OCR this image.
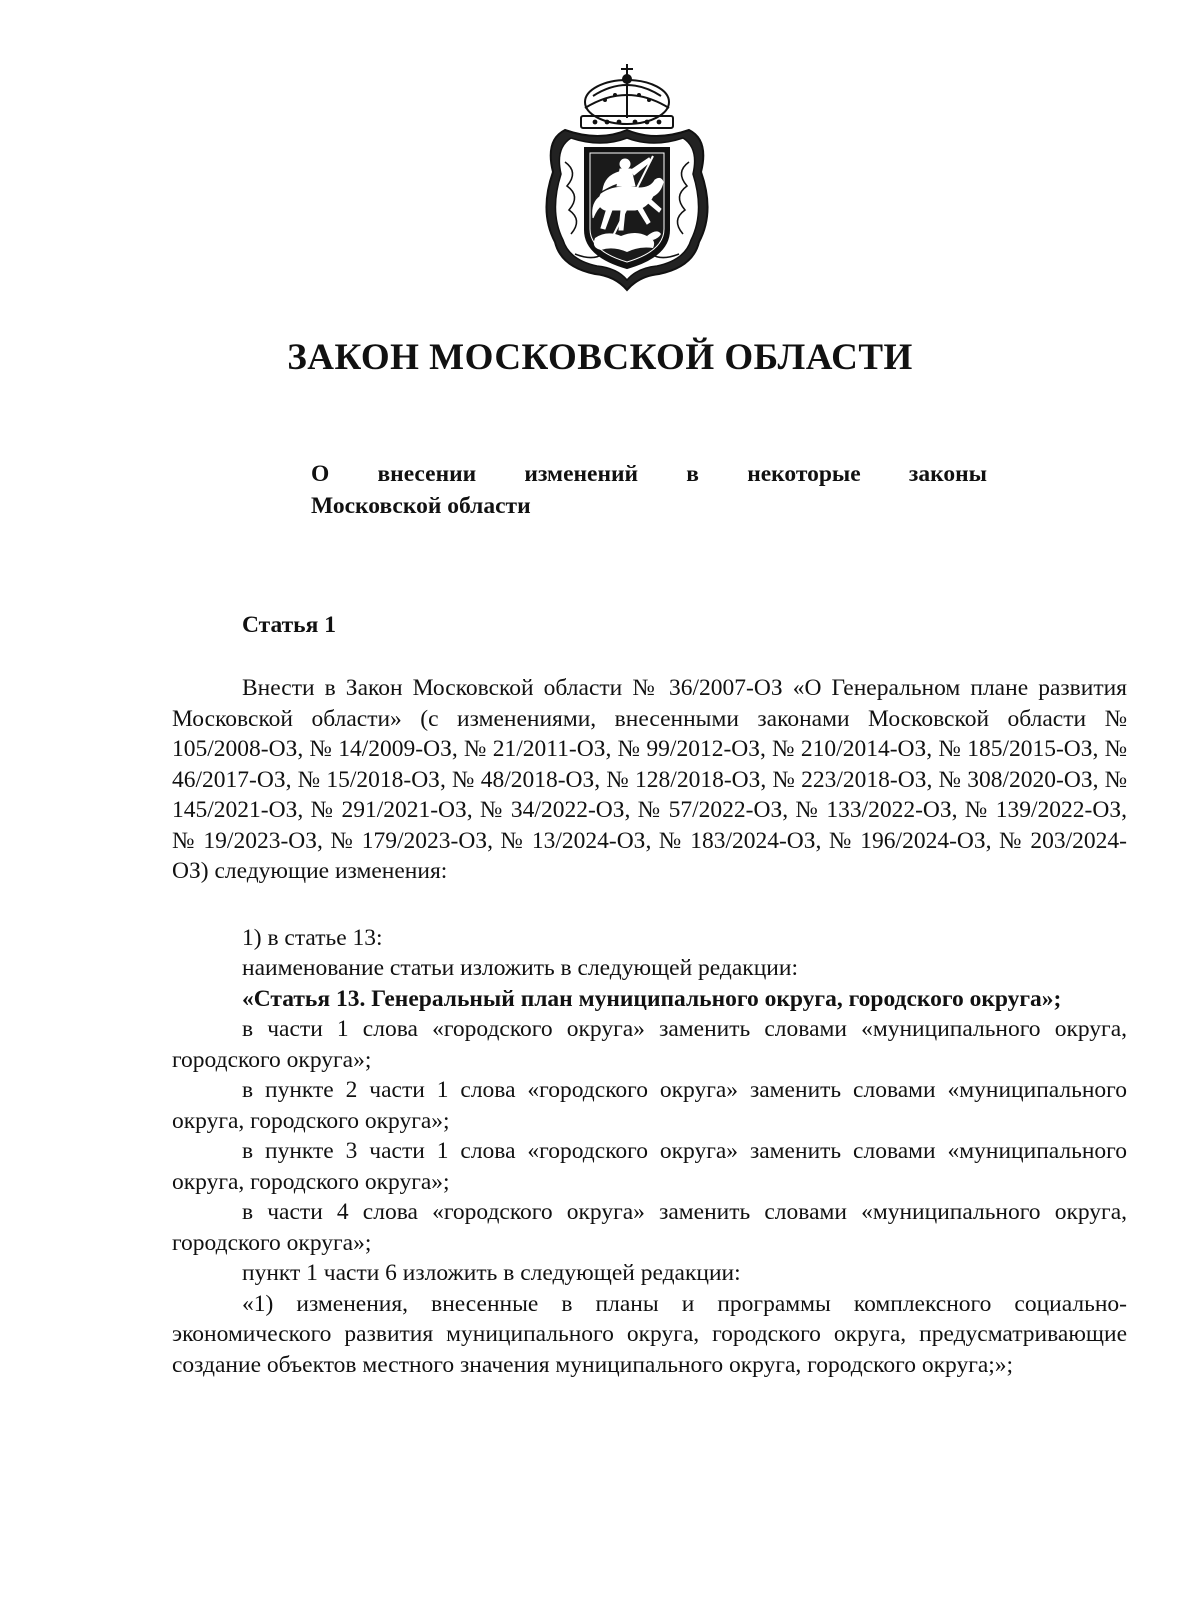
ЗАКОН МОСКОВСКОЙ ОБЛАСТИ
О внесении изменений в некоторые законы
Московской области
Статья 1

Внести в Закон Московской области № 36/2007-ОЗ «О Генеральном плане развития Московской области» (с изменениями, внесенными законами Московской области № 105/2008-ОЗ, № 14/2009-ОЗ, № 21/2011-ОЗ, № 99/2012-ОЗ, № 210/2014-ОЗ, № 185/2015-ОЗ, № 46/2017-ОЗ, № 15/2018-ОЗ, № 48/2018-ОЗ, № 128/2018-ОЗ, № 223/2018-ОЗ, № 308/2020-ОЗ, № 145/2021-ОЗ, № 291/2021-ОЗ, № 34/2022-ОЗ, № 57/2022-ОЗ, № 133/2022-ОЗ, № 139/2022-ОЗ, № 19/2023-ОЗ, № 179/2023-ОЗ, № 13/2024-ОЗ, № 183/2024-ОЗ, № 196/2024-ОЗ, № 203/2024-ОЗ) следующие изменения:

1) в статье 13:

наименование статьи изложить в следующей редакции:

«Статья 13. Генеральный план муниципального округа, городского округа»;

в части 1 слова «городского округа» заменить словами «муниципального округа, городского округа»;

в пункте 2 части 1 слова «городского округа» заменить словами «муниципального округа, городского округа»;

в пункте 3 части 1 слова «городского округа» заменить словами «муниципального округа, городского округа»;

в части 4 слова «городского округа» заменить словами «муниципального округа, городского округа»;

пункт 1 части 6 изложить в следующей редакции:

«1) изменения, внесенные в планы и программы комплексного социально-экономического развития муниципального округа, городского округа, предусматривающие создание объектов местного значения муниципального округа, городского округа;»;
